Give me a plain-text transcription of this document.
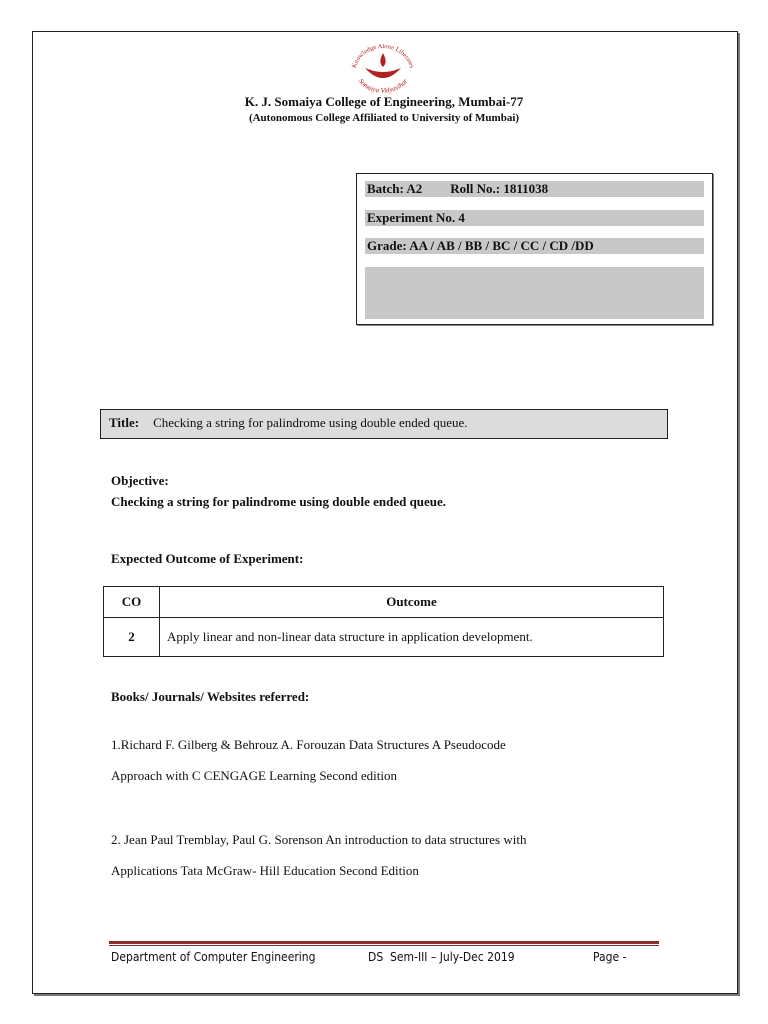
Knowledge Alone Liberates
Somaiya Vidyavihar
K. J. Somaiya College of Engineering, Mumbai-77
(Autonomous College Affiliated to University of Mumbai)
Batch: A2 Roll No.: 1811038
Experiment No. 4
Grade: AA / AB / BB / BC / CC / CD /DD
Title: Checking a string for palindrome using double ended queue.
Objective:
Checking a string for palindrome using double ended queue.
Expected Outcome of Experiment:
CO	Outcome
2	Apply linear and non-linear data structure in application development.
Books/ Journals/ Websites referred:
1.Richard F. Gilberg & Behrouz A. Forouzan Data Structures A Pseudocode
Approach with C CENGAGE Learning Second edition
2. Jean Paul Tremblay, Paul G. Sorenson An introduction to data structures with
Applications Tata McGraw- Hill Education Second Edition
Department of Computer Engineering	DS  Sem-III – July-Dec 2019	Page -
